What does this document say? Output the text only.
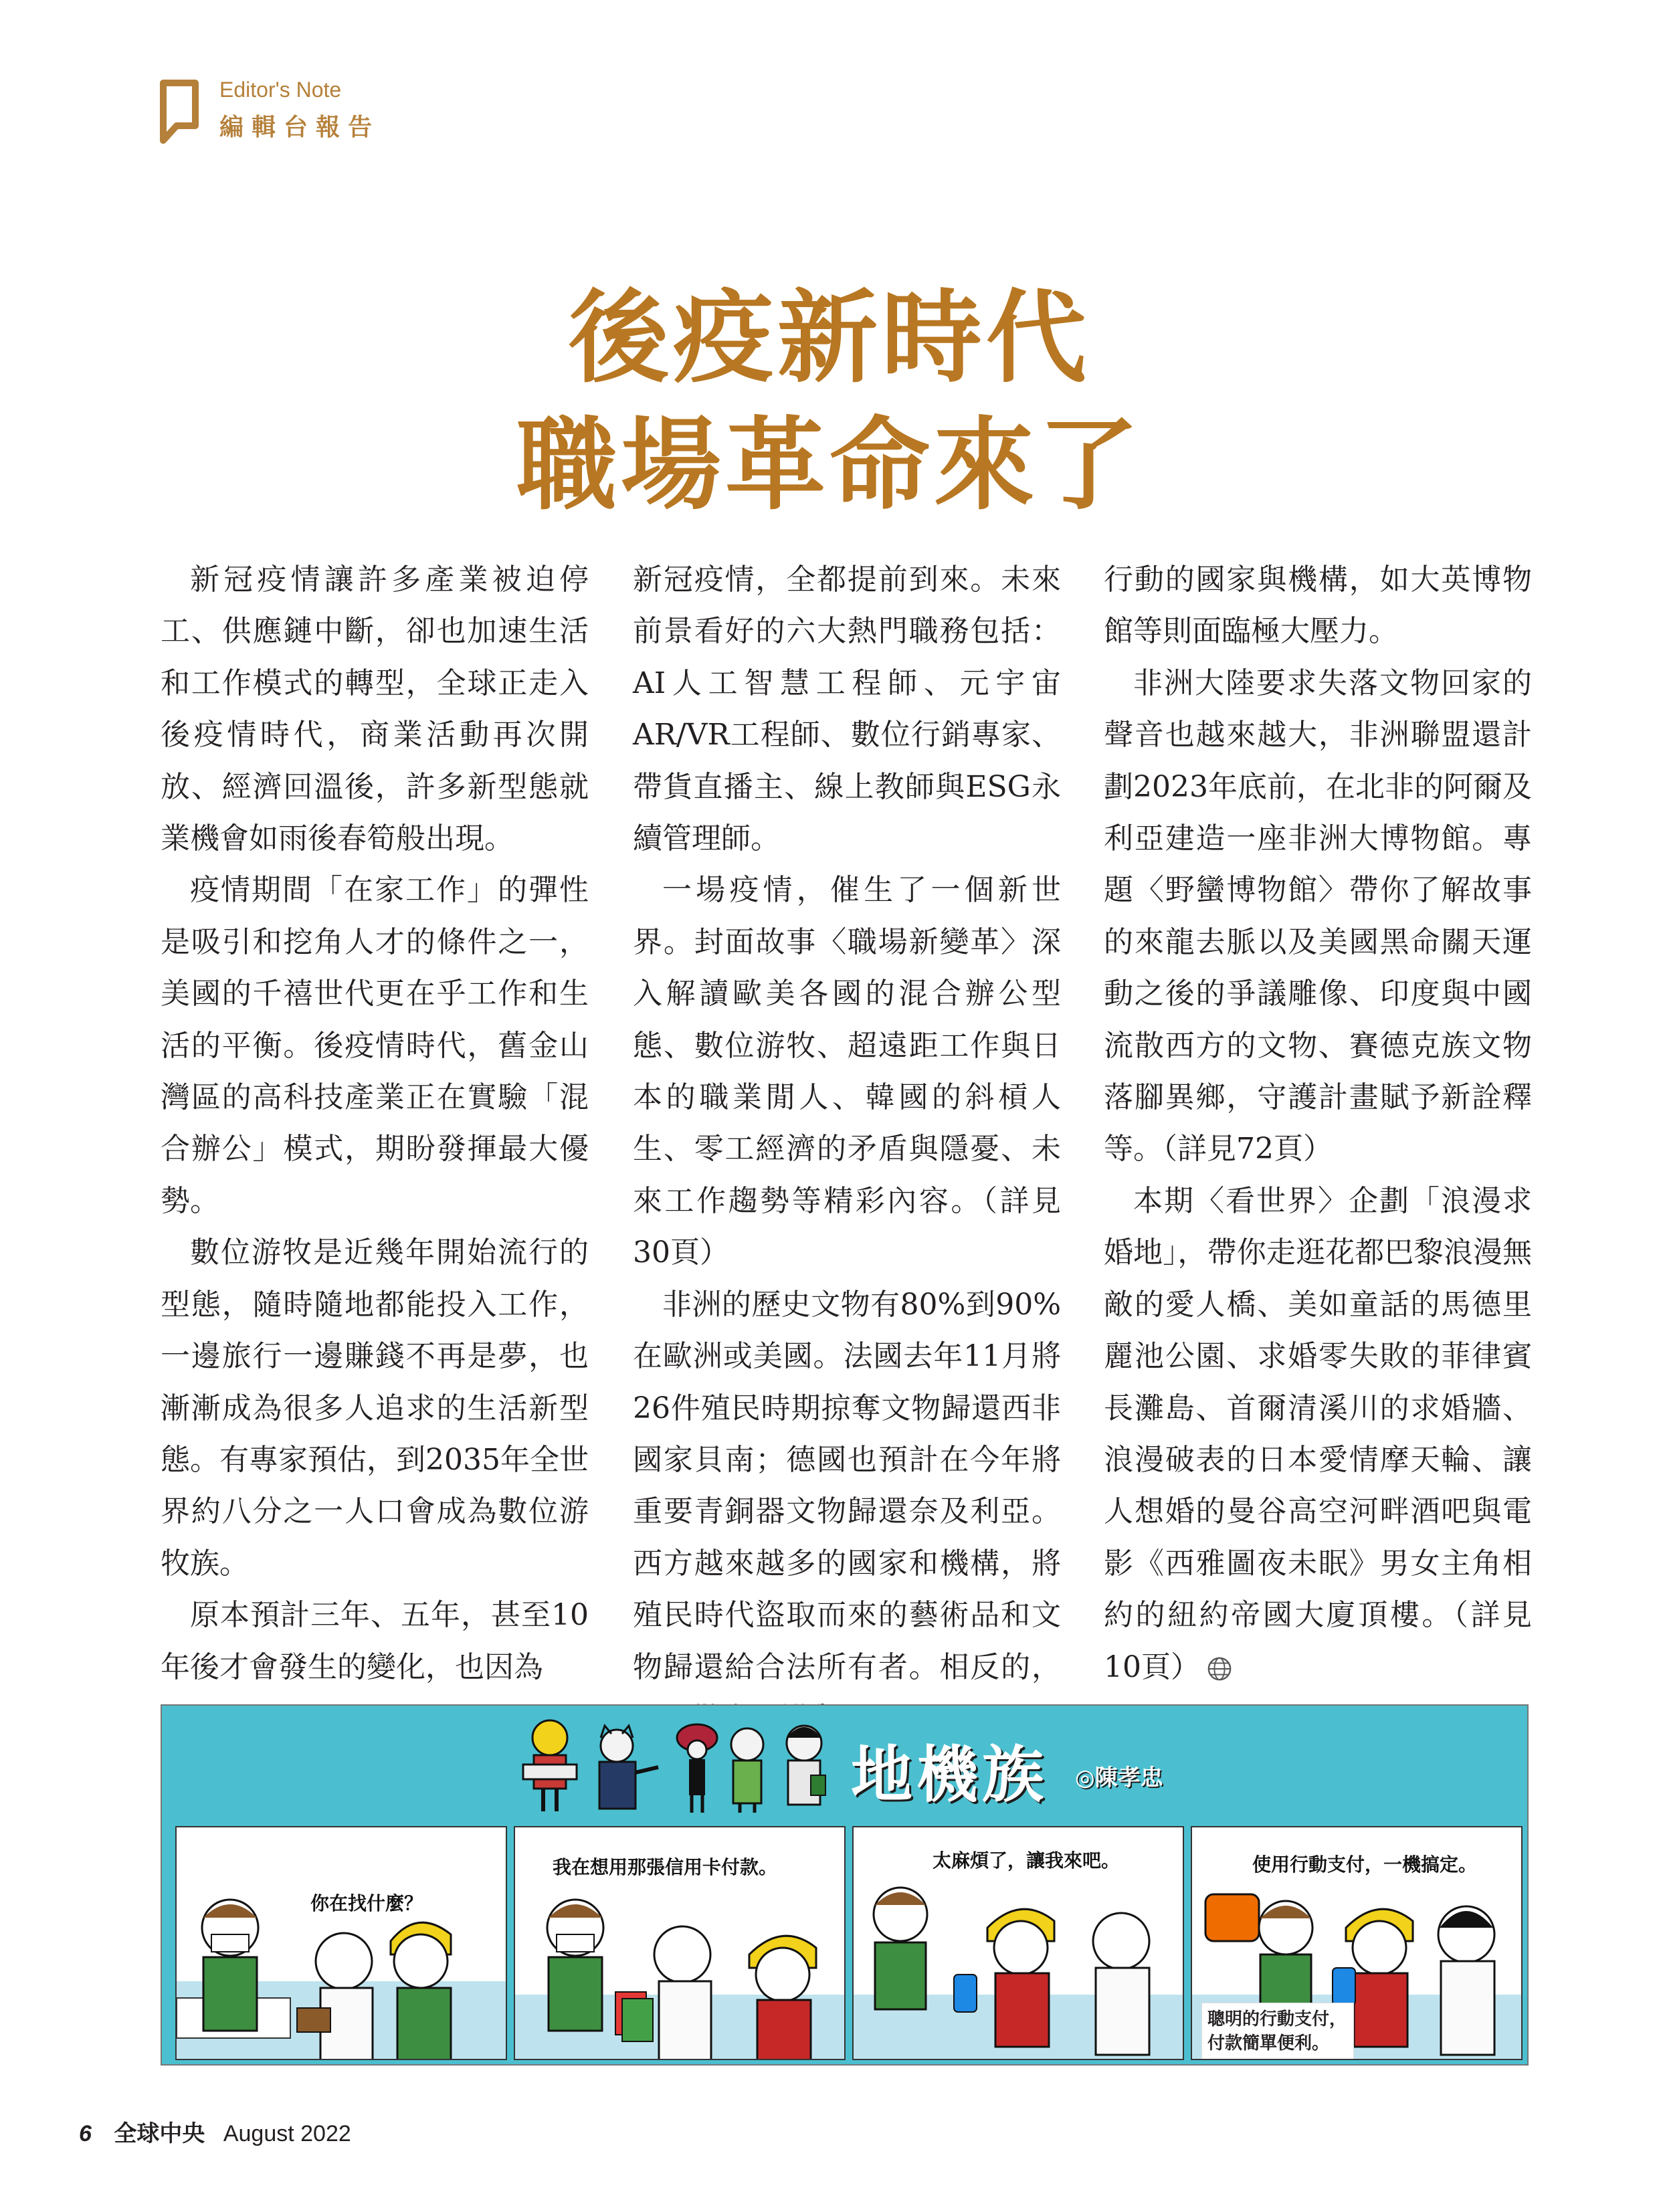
Editor's Note
編輯台報告
後疫新時代
職場革命來了

新冠疫情讓許多產業被迫停工、供應鏈中斷，卻也加速生活和工作模式的轉型，全球正走入後疫情時代，商業活動再次開放、經濟回溫後，許多新型態就業機會如雨後春筍般出現。

疫情期間「在家工作」的彈性是吸引和挖角人才的條件之一，美國的千禧世代更在乎工作和生活的平衡。後疫情時代，舊金山灣區的高科技產業正在實驗「混合辦公」模式，期盼發揮最大優勢。

數位游牧是近幾年開始流行的型態，隨時隨地都能投入工作，一邊旅行一邊賺錢不再是夢，也漸漸成為很多人追求的生活新型態。有專家預估，到2035年全世界約八分之一人口會成為數位游牧族。

原本預計三年、五年，甚至10年後才會發生的變化，也因為

新冠疫情，全都提前到來。未來前景看好的六大熱門職務包括：AI人工智慧工程師、元宇宙AR/VR工程師、數位行銷專家、帶貨直播主、線上教師與ESG永續管理師。

一場疫情，催生了一個新世界。封面故事〈職場新變革〉深入解讀歐美各國的混合辦公型態、數位游牧、超遠距工作與日本的職業閒人、韓國的斜槓人生、零工經濟的矛盾與隱憂、未來工作趨勢等精彩內容。（詳見30頁）

非洲的歷史文物有80%到90%在歐洲或美國。法國去年11月將26件殖民時期掠奪文物歸還西非國家貝南；德國也預計在今年將重要青銅器文物歸還奈及利亞。西方越來越多的國家和機構，將殖民時代盜取而來的藝術品和文物歸還給合法所有者。相反的，

行動的國家與機構，如大英博物館等則面臨極大壓力。

非洲大陸要求失落文物回家的聲音也越來越大，非洲聯盟還計劃2023年底前，在北非的阿爾及利亞建造一座非洲大博物館。專題〈野蠻博物館〉帶你了解故事的來龍去脈以及美國黑命關天運動之後的爭議雕像、印度與中國流散西方的文物、賽德克族文物落腳異鄉，守護計畫賦予新詮釋等。（詳見72頁）

本期〈看世界〉企劃「浪漫求婚地」，帶你走逛花都巴黎浪漫無敵的愛人橋、美如童話的馬德里麗池公園、求婚零失敗的菲律賓長灘島、首爾清溪川的求婚牆、浪漫破表的日本愛情摩天輪、讓人想婚的曼谷高空河畔酒吧與電影《西雅圖夜未眠》男女主角相約的紐約帝國大廈頂樓。（詳見10頁）

地機族 ◎陳孝忠
你在找什麼？
我在想用那張信用卡付款。	太麻煩了，讓我來吧。	使用行動支付，一機搞定。
聰明的行動支付，
付款簡單便利。
6 全球中央 August 2022
